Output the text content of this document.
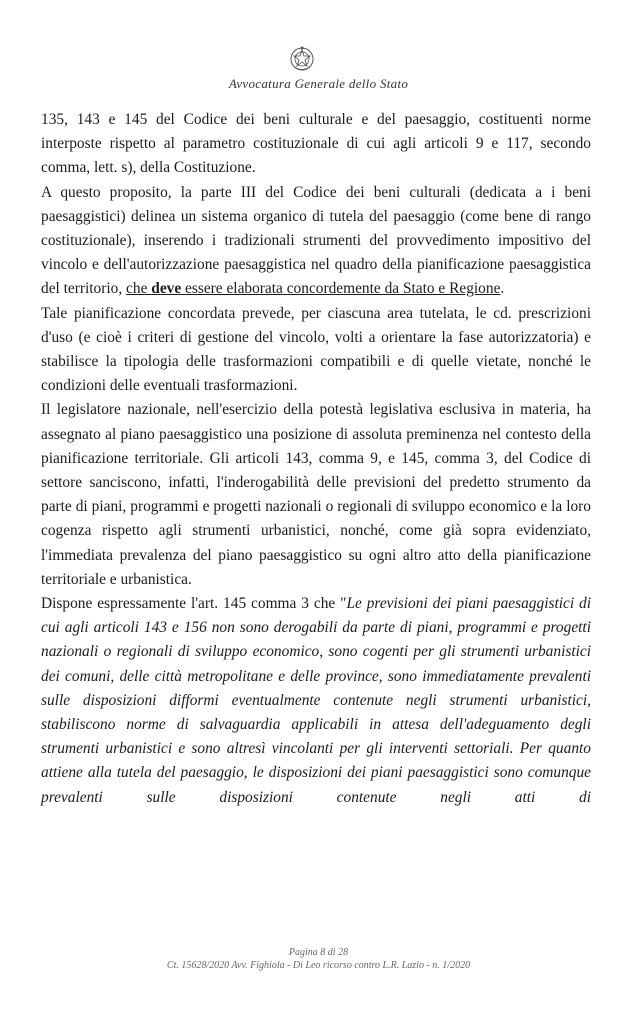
Avvocatura Generale dello Stato

135, 143 e 145 del Codice dei beni culturale e del paesaggio, costituenti norme interposte rispetto al parametro costituzionale di cui agli articoli 9 e 117, secondo comma, lett. s), della Costituzione.

A questo proposito, la parte III del Codice dei beni culturali (dedicata a i beni paesaggistici) delinea un sistema organico di tutela del paesaggio (come bene di rango costituzionale), inserendo i tradizionali strumenti del provvedimento impositivo del vincolo e dell'autorizzazione paesaggistica nel quadro della pianificazione paesaggistica del territorio, che deve essere elaborata concordemente da Stato e Regione.

Tale pianificazione concordata prevede, per ciascuna area tutelata, le cd. prescrizioni d'uso (e cioè i criteri di gestione del vincolo, volti a orientare la fase autorizzatoria) e stabilisce la tipologia delle trasformazioni compatibili e di quelle vietate, nonché le condizioni delle eventuali trasformazioni.

Il legislatore nazionale, nell'esercizio della potestà legislativa esclusiva in materia, ha assegnato al piano paesaggistico una posizione di assoluta preminenza nel contesto della pianificazione territoriale. Gli articoli 143, comma 9, e 145, comma 3, del Codice di settore sanciscono, infatti, l'inderogabilità delle previsioni del predetto strumento da parte di piani, programmi e progetti nazionali o regionali di sviluppo economico e la loro cogenza rispetto agli strumenti urbanistici, nonché, come già sopra evidenziato, l'immediata prevalenza del piano paesaggistico su ogni altro atto della pianificazione territoriale e urbanistica.

Dispone espressamente l'art. 145 comma 3 che "Le previsioni dei piani paesaggistici di cui agli articoli 143 e 156 non sono derogabili da parte di piani, programmi e progetti nazionali o regionali di sviluppo economico, sono cogenti per gli strumenti urbanistici dei comuni, delle città metropolitane e delle province, sono immediatamente prevalenti sulle disposizioni difformi eventualmente contenute negli strumenti urbanistici, stabiliscono norme di salvaguardia applicabili in attesa dell'adeguamento degli strumenti urbanistici e sono altresì vincolanti per gli interventi settoriali. Per quanto attiene alla tutela del paesaggio, le disposizioni dei piani paesaggistici sono comunque prevalenti sulle disposizioni contenute negli atti di

Pagina 8 di 28
Ct. 15628/2020 Avv. Fighiola - Di Leo ricorso contro L.R. Lazio - n. 1/2020
